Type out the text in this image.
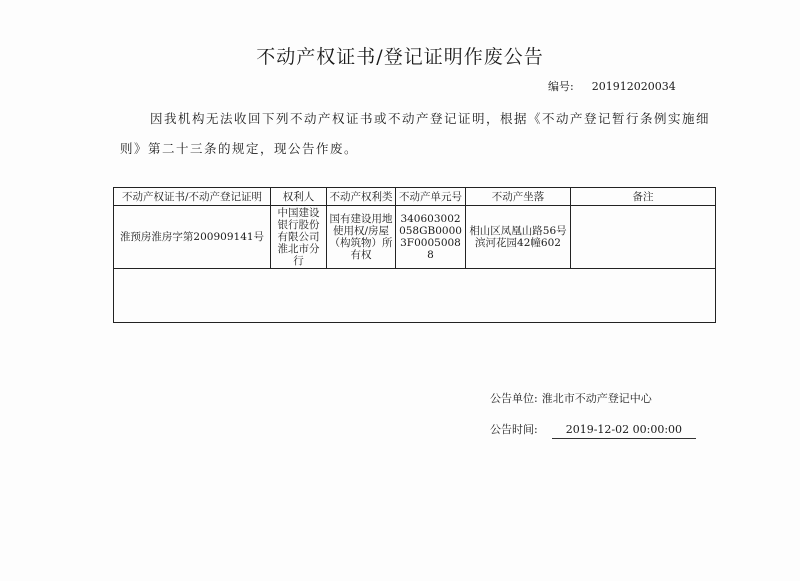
不动产权证书/登记证明作废公告
编号: 201912020034
因我机构无法收回下列不动产权证书或不动产登记证明，根据《不动产登记暂行条例实施细则》第二十三条的规定，现公告作废。
不动产权证书/不动产登记证明	权利人	不动产权利类	不动产单元号	不动产坐落	备注
淮预房淮房字第200909141号	中国建设银行股份有限公司淮北市分行	国有建设用地使用权/房屋（构筑物）所有权	340603002058GB00003F00050088	相山区凤凰山路56号滨河花园42幢602	

公告单位: 淮北市不动产登记中心
公告时间:	2019-12-02 00:00:00
